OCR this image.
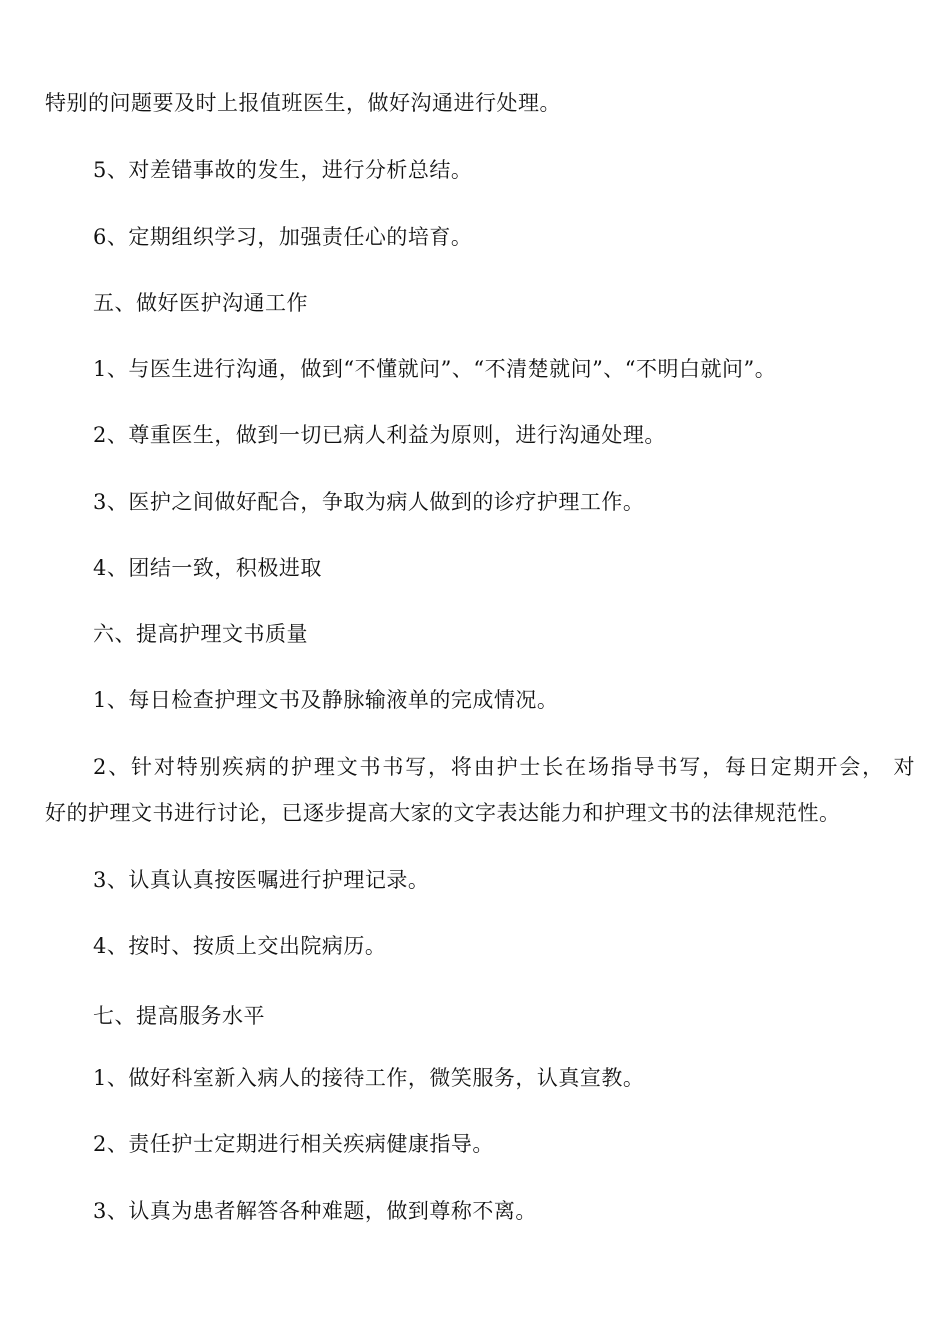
特别的问题要及时上报值班医生，做好沟通进行处理。
5、对差错事故的发生，进行分析总结。
6、定期组织学习，加强责任心的培育。
五、做好医护沟通工作
1、与医生进行沟通，做到“不懂就问”、“不清楚就问”、“不明白就问”。
2、尊重医生，做到一切已病人利益为原则，进行沟通处理。
3、医护之间做好配合，争取为病人做到的诊疗护理工作。
4、团结一致，积极进取
六、提高护理文书质量
1、每日检查护理文书及静脉输液单的完成情况。
2、针对特别疾病的护理文书书写，将由护士长在场指导书写，每日定期开会， 对
好的护理文书进行讨论，已逐步提高大家的文字表达能力和护理文书的法律规范性。
3、认真认真按医嘱进行护理记录。
4、按时、按质上交出院病历。
七、提高服务水平
1、做好科室新入病人的接待工作，微笑服务，认真宣教。
2、责任护士定期进行相关疾病健康指导。
3、认真为患者解答各种难题，做到尊称不离。
